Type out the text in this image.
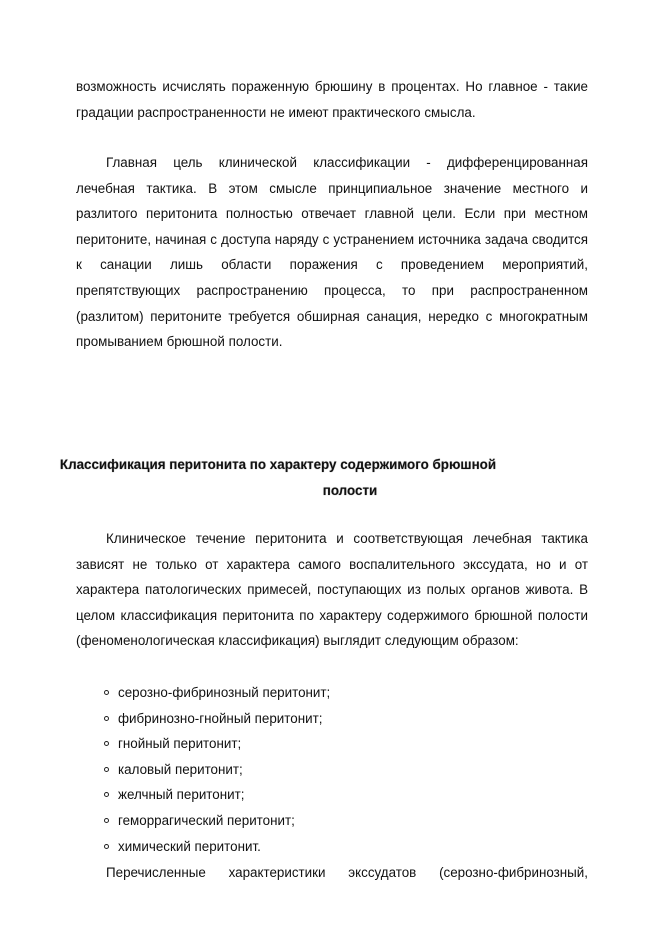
возможность исчислять пораженную брюшину в процентах. Но главное - такие градации распространенности не имеют практического смысла.

Главная цель клинической классификации - дифференцированная лечебная тактика. В этом смысле принципиальное значение местного и разлитого перитонита полностью отвечает главной цели. Если при местном перитоните, начиная с доступа наряду с устранением источника задача сводится к санации лишь области поражения с проведением мероприятий, препятствующих распространению процесса, то при распространенном (разлитом) перитоните требуется обширная санация, нередко с многократным промыванием брюшной полости.

Классификация перитонита по характеру содержимого брюшной
полости

Клиническое течение перитонита и соответствующая лечебная тактика зависят не только от характера самого воспалительного экссудата, но и от характера патологических примесей, поступающих из полых органов живота. В целом классификация перитонита по характеру содержимого брюшной полости (феноменологическая классификация) выглядит следующим образом:

серозно-фибринозный перитонит;
фибринозно-гнойный перитонит;
гнойный перитонит;
каловый перитонит;
желчный перитонит;
геморрагический перитонит;
химический перитонит.

Перечисленные характеристики экссудатов (серозно-фибринозный,
